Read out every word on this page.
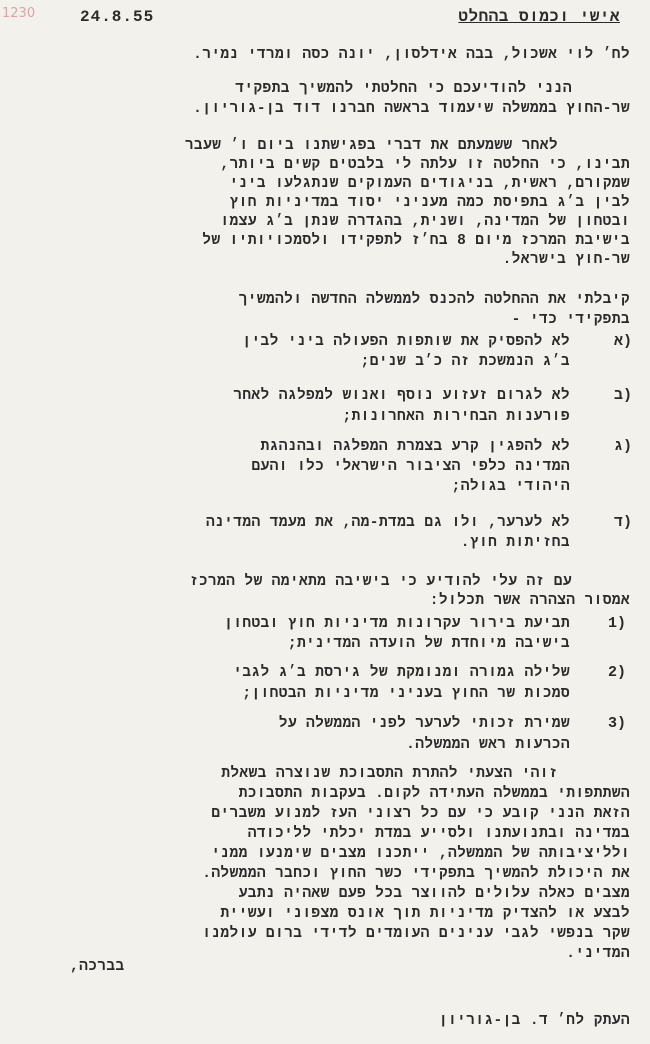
1230	24.8.55	אישי וכמוס בהחלט
לח׳ לוי אשכול, בבה אידלסון, יונה כסה ומרדי נמיר.
הנני להודיעכם כי החלטתי להמשיך בתפקיד
שר-החוץ בממשלה שיעמוד בראשה חברנו דוד בן-גוריון.
לאחר ששמעתם את דברי בפגישתנו ביום ו׳ שעבר
תבינו, כי החלטה זו עלתה לי בלבטים קשים ביותר,
שמקורם, ראשית, בניגודים העמוקים שנתגלעו ביני
לבין ב׳ג בתפיסת כמה מעניני יסוד במדיניות חוץ
ובטחון של המדינה, ושנית, בהגדרה שנתן ב׳ג עצמו
בישיבת המרכז מיום 8 בח׳ז לתפקידו ולסמכויותיו של
שר-חוץ בישראל.
קיבלתי את ההחלטה להכנס לממשלה החדשה ולהמשיך
בתפקידי כדי -
א)
לא להפסיק את שותפות הפעולה ביני לבין
ב׳ג הנמשכת זה כ׳ב שנים;
ב)
לא לגרום זעזוע נוסף ואנוש למפלגה לאחר
פורענות הבחירות האחרונות;
ג)
לא להפגין קרע בצמרת המפלגה ובהנהגת
המדינה כלפי הציבור הישראלי כלו והעם
היהודי בגולה;
ד)
לא לערער, ולו גם במדת-מה, את מעמד המדינה
בחזיתות חוץ.
עם זה עלי להודיע כי בישיבה מתאימה של המרכז
אמסור הצהרה אשר תכלול:
1)
תביעת בירור עקרונות מדיניות חוץ ובטחון
בישיבה מיוחדת של הועדה המדינית;
2)
שלילה גמורה ומנומקת של גירסת ב׳ג לגבי
סמכות שר החוץ בעניני מדיניות הבטחון;
3)
שמירת זכותי לערער לפני הממשלה על
הכרעות ראש הממשלה.
זוהי הצעתי להתרת התסבוכת שנוצרה בשאלת
השתתפותי בממשלה העתידה לקום. בעקבות התסבוכת
הזאת הנני קובע כי עם כל רצוני העז למנוע משברים
במדינה ובתנועתנו ולסייע במדת יכלתי לליכודה
ולליציבותה של הממשלה, ייתכנו מצבים שימנעו ממני
את היכולת להמשיך בתפקידי כשר החוץ וכחבר הממשלה.
מצבים כאלה עלולים להווצר בכל פעם שאהיה נתבע
לבצע או להצדיק מדיניות תוך אונס מצפוני ועשיית
שקר בנפשי לגבי ענינים העומדים לדידי ברום עולמנו
המדיני.
בברכה,
העתק לח׳ ד. בן-גוריון
